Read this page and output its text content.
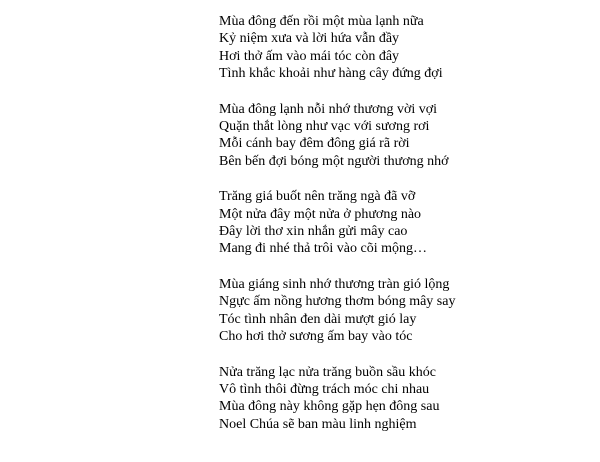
Mùa đông đến rồi một mùa lạnh nữa
Kỷ niệm xưa và lời hứa vẫn đầy
Hơi thở ấm vào mái tóc còn đây
Tình khắc khoải như hàng cây đứng đợi
Mùa đông lạnh nỗi nhớ thương vời vợi
Quặn thắt lòng như vạc với sương rơi
Mỗi cánh bay đêm đông giá rã rời
Bên bến đợi bóng một người thương nhớ
Trăng giá buốt nên trăng ngà đã vỡ
Một nửa đây một nửa ở phương nào
Đây lời thơ xin nhắn gửi mây cao
Mang đi nhé thả trôi vào cõi mộng…
Mùa giáng sinh nhớ thương tràn gió lộng
Ngực ấm nồng hương thơm bóng mây say
Tóc tình nhân đen dài mượt gió lay
Cho hơi thở sương ấm bay vào tóc
Nửa trăng lạc nửa trăng buồn sầu khóc
Vô tình thôi đừng trách móc chi nhau
Mùa đông này không gặp hẹn đông sau
Noel Chúa sẽ ban màu linh nghiệm
